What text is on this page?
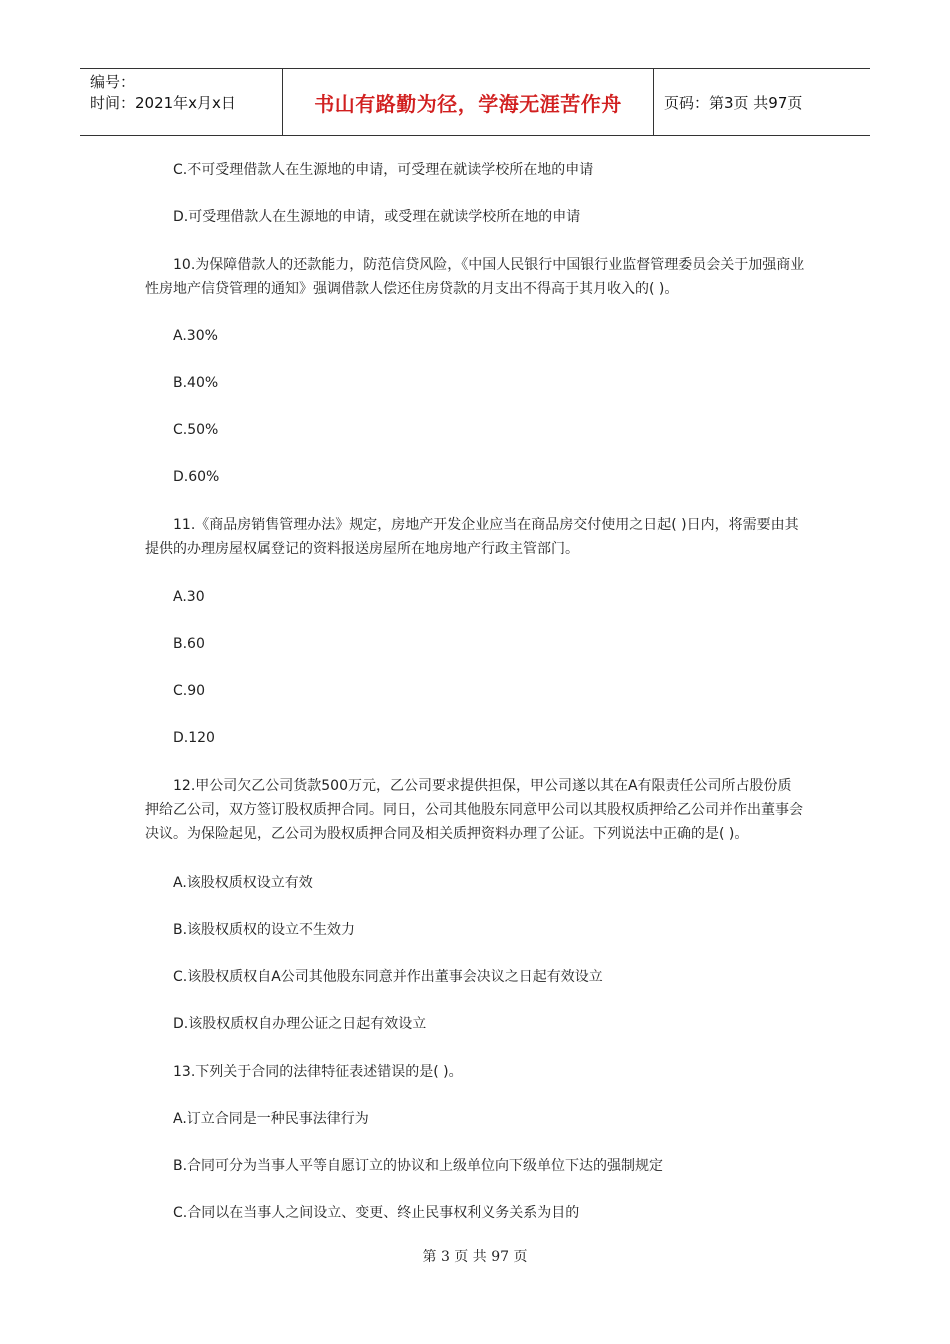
编号：
时间：2021年x月x日	书山有路勤为径，学海无涯苦作舟	页码：第3页 共97页
C.不可受理借款人在生源地的申请，可受理在就读学校所在地的申请
D.可受理借款人在生源地的申请，或受理在就读学校所在地的申请
10.为保障借款人的还款能力，防范信贷风险，《中国人民银行中国银行业监督管理委员会关于加强商业性房地产信贷管理的通知》强调借款人偿还住房贷款的月支出不得高于其月收入的( )。
A.30%
B.40%
C.50%
D.60%
11.《商品房销售管理办法》规定，房地产开发企业应当在商品房交付使用之日起( )日内，将需要由其提供的办理房屋权属登记的资料报送房屋所在地房地产行政主管部门。
A.30
B.60
C.90
D.120
12.甲公司欠乙公司货款500万元，乙公司要求提供担保，甲公司遂以其在A有限责任公司所占股份质押给乙公司，双方签订股权质押合同。同日，公司其他股东同意甲公司以其股权质押给乙公司并作出董事会决议。为保险起见，乙公司为股权质押合同及相关质押资料办理了公证。下列说法中正确的是( )。
A.该股权质权设立有效
B.该股权质权的设立不生效力
C.该股权质权自A公司其他股东同意并作出董事会决议之日起有效设立
D.该股权质权自办理公证之日起有效设立
13.下列关于合同的法律特征表述错误的是( )。
A.订立合同是一种民事法律行为
B.合同可分为当事人平等自愿订立的协议和上级单位向下级单位下达的强制规定
C.合同以在当事人之间设立、变更、终止民事权利义务关系为目的
第 3 页 共 97 页
